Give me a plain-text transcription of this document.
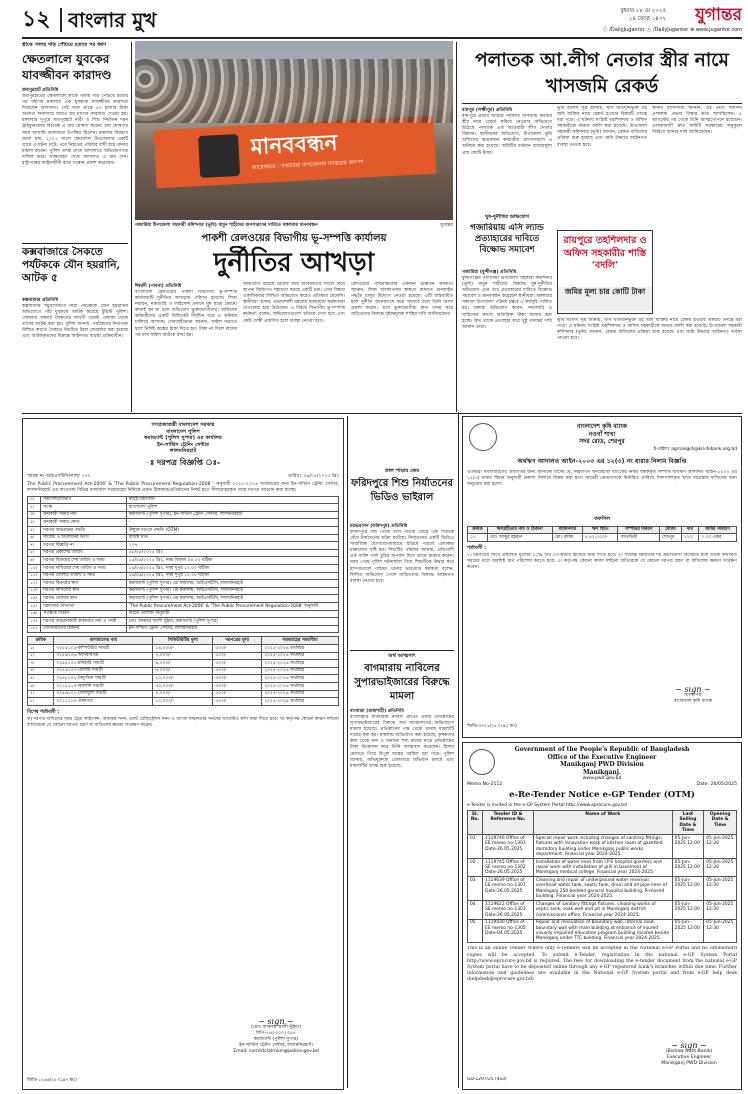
১২ বাংলার মুখ	বুধবার ২৮ মে ২০২৫
১৪ জ্যৈষ্ঠ ১৪৩২	যুগান্তর
ⓕ /DailyJugantor ⓧ /DailyJugantor ⊕ www.jugantor.com
স্ত্রীকে গলায় দড়ি পেঁচিয়ে হত্যার পর ধর্ষণ
ক্ষেতলালে যুবকের যাবজ্জীবন কারাদণ্ড
জয়পুরহাট প্রতিনিধি
জয়পুরহাটের ক্ষেতলালে স্ত্রীকে গলায় দড়ি পেঁচিয়ে হত্যার পর ধর্ষণের মামলায় এক যুবককে যাবজ্জীবন কারাদণ্ড দিয়েছেন আদালত। সেই সঙ্গে তাকে ৫০ হাজার টাকা অর্থদণ্ড অনাদায়ে আরও ছয় মাসের কারাদণ্ড দেওয়া হয়। মঙ্গলবার দুপুরে জয়পুরহাট নারী ও শিশু নির্যাতন দমন ট্রাইব্যুনালের বিচারক এ রায় ঘোষণা করেন। রায় ঘোষণার সময় আসামি আদালতে উপস্থিত ছিলেন। মামলার বিবরণে জানা যায়, ২০২২ সালে ক্ষেতলাল উপজেলার একটি গ্রামে এ ঘটনা ঘটে। পরে নিহতের পরিবার বাদী হয়ে থানায় মামলা করেন। পুলিশ তদন্ত শেষে আদালতে অভিযোগপত্র দাখিল করে। সাক্ষ্যগ্রহণ শেষে আদালত এ রায় দেন। রাষ্ট্রপক্ষের আইনজীবী রায়ে সন্তোষ প্রকাশ করেছেন।
কক্সবাজারে সৈকতে পর্যটককে যৌন হয়রানি, আটক ৫
কক্সবাজার প্রতিনিধি
কক্সবাজার সমুদ্রসৈকতে নারী পর্যটককে যৌন হয়রানির অভিযোগে পাঁচ যুবককে আটক করেছে টুরিস্ট পুলিশ। সোমবার সন্ধ্যায় সৈকতের লাবণী পয়েন্ট এলাকা থেকে তাদের আটক করা হয়। পুলিশ জানায়, পর্যটকদের নিরাপত্তা নিশ্চিত করতে সৈকতে নিয়মিত টহল জোরদার করা হয়েছে এবং আটককৃতদের বিরুদ্ধে আইনগত ব্যবস্থা প্রক্রিয়াধীন।
মানববন্ধন
আয়োজনে : গজারিয়া উপজেলার সর্বস্তরের জনগণ
গজারিয়া উপজেলা সহকারী কমিশনার (ভূমি) মামুন শাহীদের অপসারণের দাবিতে মঙ্গলবার মানববন্ধন	যুগান্তর
পাকশী রেলওয়ের বিভাগীয় ভূ-সম্পত্তি কার্যালয়
দুর্নীতির আখড়া
ঈশ্বরদী (পাবনা) প্রতিনিধি
বাংলাদেশ রেলওয়ের পাকশী বিভাগীয় ভূ-সম্পত্তি কার্যালয়টি দুর্নীতির আখড়ায় পরিণত হয়েছে। লিজ নবায়ন, নামজারি ও লাইসেন্স প্রদানে ঘুষ ছাড়া কোনো কাজই হয় না বলে অভিযোগ ভুক্তভোগীদের। অফিসের কর্মচারীদের একটি সিন্ডিকেট দীর্ঘদিন ধরে এ অনিয়ম চালিয়ে আসছে। সেবাগ্রহীতারা জানান, ফাইল নড়াতে হলে নির্দিষ্ট অঙ্কের টাকা দিতে হয়। টাকা না দিলে মাসের পর মাস ফাইল আটকে রাখা হয়।
অভিযোগ রয়েছে রেলের জমি অবৈধভাবে দখলে নিয়ে স্থাপনা নির্মাণেও সহায়তা করছে একটি চক্র। এসব বিষয়ে একাধিকবার লিখিত অভিযোগ করেও প্রতিকার মেলেনি। স্থানীয়রা বলেন, প্রভাবশালী মহলের ছত্রছায়ায় কর্মকর্তারা বেপরোয়া হয়ে উঠেছেন। এ বিষয়ে বিভাগীয় ভূ-সম্পত্তি কর্মকর্তা বলেন, অভিযোগগুলো খতিয়ে দেখা হবে এবং কেউ দোষী প্রমাণিত হলে ব্যবস্থা নেওয়া হবে।
রেলওয়ের পশ্চিমাঞ্চলের একজন ঊর্ধ্বতন কর্মকর্তা জানান, লিজ ব্যবস্থাপনায় স্বচ্ছতা আনতে অনলাইন পদ্ধতি চালুর উদ্যোগ নেওয়া হয়েছে। এটি বাস্তবায়িত হলে দুর্নীতি অনেকাংশে কমে আসবে বলে তিনি আশা প্রকাশ করেন। তবে ভুক্তভোগীরা দ্রুত তদন্ত করে জড়িতদের বিরুদ্ধে দৃষ্টান্তমূলক শাস্তির দাবি জানিয়েছেন।
পলাতক আ.লীগ নেতার স্ত্রীর নামে খাসজমি রেকর্ড
রায়পুর (লক্ষ্মীপুর) প্রতিনিধি
রায়পুরে প্রভাব খাটিয়ে সরকারি খাসজমি নিজের স্ত্রীর নামে রেকর্ড করিয়ে নেওয়ার অভিযোগ উঠেছে পলাতক এক আওয়ামী লীগ নেতার বিরুদ্ধে। স্থানীয়দের অভিযোগ, উপজেলা ভূমি অফিসের কয়েকজন কর্মচারীর যোগসাজশে এ অনিয়ম করা হয়েছে। জমিটির বর্তমান বাজারমূল্য প্রায় কোটি টাকা।
ভূমি অফিস সূত্র জানায়, খাস খতিয়ানভুক্ত ওই জমি ব্যক্তির নামে রেকর্ড হওয়ার বিষয়টি তদন্তে ধরা পড়ে। এ ঘটনায় সংশ্লিষ্ট তহশিলদার ও অফিস সহকারীকে অন্যত্র বদলি করা হয়েছে। উপজেলা সহকারী কমিশনার (ভূমি) জানান, রেকর্ড বাতিলের প্রক্রিয়া শুরু হয়েছে এবং জমি উদ্ধারে আইনগত ব্যবস্থা নেওয়া হবে।
স্থানীয় বাসিন্দারা জানান, ওই নেতা দীর্ঘদিন এলাকায় প্রভাব বিস্তার করে আসছিলেন। ৫ আগস্টের পর থেকে তিনি আত্মগোপনে রয়েছেন। এলাকাবাসী দ্রুত জমিটি সরকারের অনুকূলে ফিরিয়ে আনার দাবি জানিয়েছেন।
রায়পুরে তহশিলদার ও অফিস সহকারীর শাস্তি ‘বদলি’
জমির মূল্য চার কোটি টাকা
ঘুষ-দুর্নীতির অভিযোগ
গজারিয়ায় এসি ল্যান্ড প্রত্যাহারের দাবিতে বিক্ষোভ সমাবেশ
গজারিয়া (মুন্সীগঞ্জ) প্রতিনিধি
মুন্সীগঞ্জের গজারিয়া উপজেলা সহকারী কমিশনার (ভূমি) মামুন শাহীদের বিরুদ্ধে ঘুষ-দুর্নীতির অভিযোগ এনে তার প্রত্যাহারের দাবিতে বিক্ষোভ সমাবেশ ও মানববন্ধন করেছেন স্থানীয়রা। মঙ্গলবার সকালে উপজেলা পরিষদ চত্বরে এ কর্মসূচি পালিত হয়। বক্তারা অভিযোগ করেন, নামজারি ও খারিজের কাজে অতিরিক্ত টাকা আদায় করা হচ্ছে। দ্রুত তাকে প্রত্যাহার করে সুষ্ঠু তদন্তের দাবি জানান তারা।
ভূমি অফিস সূত্র জানায়, খাস খতিয়ানভুক্ত ওই জমি ব্যক্তির নামে রেকর্ড হওয়ার বিষয়টি তদন্তে ধরা পড়ে। এ ঘটনায় সংশ্লিষ্ট তহশিলদার ও অফিস সহকারীকে অন্যত্র বদলি করা হয়েছে। উপজেলা সহকারী কমিশনার (ভূমি) জানান, রেকর্ড বাতিলের প্রক্রিয়া শুরু হয়েছে এবং জমি উদ্ধারে আইনগত ব্যবস্থা নেওয়া হবে।
তাল পাড়ার জের
ফরিদপুরে শিশু নির্যাতনের ভিডিও ভাইরাল
চরভদ্রাসন (ফরিদপুর) প্রতিনিধি
ফরিদপুরে গাছ থেকে তাল পাড়ার জেরে এক শিশুকে বেঁধে নির্যাতনের ঘটনা ঘটেছে। নির্যাতনের একটি ভিডিও সামাজিক যোগাযোগমাধ্যমে ছড়িয়ে পড়লে এলাকায় চাঞ্চল্যের সৃষ্টি হয়। শিশুটির পরিবার জানায়, প্রতিবেশী এক ব্যক্তি তাল চুরির অপবাদ দিয়ে তাকে মারধর করেন। খবর পেয়ে পুলিশ ঘটনাস্থলে গিয়ে শিশুটিকে উদ্ধার করে হাসপাতালে পাঠায়। থানার ভারপ্রাপ্ত কর্মকর্তা বলেন, লিখিত অভিযোগ পেলে জড়িতদের বিরুদ্ধে আইনগত ব্যবস্থা নেওয়া হবে।
অর্থ আত্মসাৎ
বাগমারায় নাবিলের সুপারভাইজারের বিরুদ্ধে মামলা
বাগমারা (রাজশাহী) প্রতিনিধি
রাজশাহীর বাগমারায় নাবিল গ্রুপের একটি প্রতিষ্ঠানের সুপারভাইজারের বিরুদ্ধে অর্থ আত্মসাতের অভিযোগে মামলা হয়েছে। প্রতিষ্ঠানের পক্ষ থেকে থানায় মামলাটি দায়ের করা হয়। মামলায় অভিযোগ করা হয়েছে, কৃষকদের কাছ থেকে ধান ও অন্যান্য শস্য ক্রয়ের নামে প্রতিষ্ঠানের টাকা উত্তোলন করে তিনি আত্মসাৎ করেছেন। হিসাব মেলাতে গিয়ে বিপুল অঙ্কের গরমিল ধরা পড়ে। পুলিশ জানায়, অভিযুক্তকে গ্রেফতারে অভিযান চলছে এবং মামলাটির তদন্ত শুরু হয়েছে।
গণপ্রজাতন্ত্রী বাংলাদেশ সরকার
বাংলাদেশ পুলিশ
কমান্ড্যান্ট (পুলিশ সুপার) এর কার্যালয়
ইন-সার্ভিস ট্রেনিং সেন্টার
লালমনিরহাট
-ঃ দরপত্র বিজ্ঞপ্তি ঃ-
স্মারক নং-আইএসটিসি/লাল/ ২৩৭	তারিখঃ ২৬/০৫/২০২৫ খ্রিঃ
The Public Procurement Act-2006' & 'The Public Procurement Regulation-2008 ' অনুযায়ী ২০২৫-২০২৬ অর্থবছরের জন্য ইন-সার্ভিস ট্রেনিং সেন্টার, লালমনিরহাট এর আওতায় বিভিন্ন মালামাল সরবরাহের নিমিত্তে প্রকৃত ঠিকাদার/প্রতিষ্ঠানের নিকট হতে সীলমোহরকৃত খামে দরপত্র আহ্বান করা যাচ্ছে।
১।	মন্ত্রণালয়/বিভাগ	স্বরাষ্ট্র মন্ত্রণালয়
২।	সংস্থা	বাংলাদেশ পুলিশ
৩।	ক্রয়কারী সত্তার নাম	কমান্ড্যান্ট (পুলিশ সুপার), ইন-সার্ভিস ট্রেনিং সেন্টার, লালমনিরহাট
৪।	ক্রয়কারী সত্তার কোড	-
৫।	দরপত্র আহ্বানের পদ্ধতি	উন্মুক্ত দরপত্র পদ্ধতি (OTM)
৬।	বাজেট ও অর্থায়নের উৎস	রাজস্ব খাত
৭।	দরপত্র বিজ্ঞপ্তি নং	২৩৭
৮।	দরপত্র প্রকাশের তারিখ	২৮/০৫/২০২৫ খ্রিঃ
৯।	দরপত্র বিক্রয়ের শেষ তারিখ ও সময়	১৫/০৬/২০২৫ খ্রিঃ, সময় বিকাল ০৪.০০ ঘটিকা
১০।	দরপত্র দাখিলের শেষ তারিখ ও সময়	১৬/০৬/২০২৫ খ্রিঃ, সময় দুপুর ১২.০০ ঘটিকা
১১।	দরপত্র খোলার তারিখ ও সময়	১৬/০৬/২০২৫ খ্রিঃ, সময় দুপুর ১২.৩০ ঘটিকা
১২।	দরপত্র বিক্রয়ের স্থান	কমান্ড্যান্ট (পুলিশ সুপার) এর কার্যালয়, আইএসটিসি, লালমনিরহাট
১৩।	দরপত্র দাখিলের স্থান	কমান্ড্যান্ট (পুলিশ সুপার) এর কার্যালয়, আইএসটিসি, লালমনিরহাট
১৪।	দরপত্র খোলার স্থান	কমান্ড্যান্ট (পুলিশ সুপার) এর কার্যালয়, আইএসটিসি, লালমনিরহাট
১৫।	দরদাতার যোগ্যতা	'The Public Procurement Act-2006' & 'The Public Procurement Regulation-2008' অনুযায়ী
১৬।	সংক্ষিপ্ত বিবরণ	নিচের তালিকা অনুযায়ী
১৭।	দরপত্র আহ্বানকারী কর্মকর্তার নাম ও পদবী	মোঃ আকবর আলী ভূঁইয়া, কমান্ড্যান্ট (পুলিশ সুপার)
১৮।	যোগাযোগের ঠিকানা	ইন-সার্ভিস ট্রেনিং সেন্টার, লালমনিরহাট
ক্রমিক	মালামালের নাম	সিকিউরিটির মূল্য	দরপত্রের মূল্য	সরবরাহের সময়সীমা
১।	৩২৫৫১০৫-কম্পিউটার সামগ্রী	১৪,০০০/-	৫০০/-	২০২৫-২০২৬ অর্থবছর
২।	৩২৫৬১০৬-আসবাবপত্র	৭,০০০/-	৫০০/-	২০২৫-২০২৬ অর্থবছর
৩।	৩২৫৫১০১-মনিহারি সামগ্রী	৬,০০০/-	৫০০/-	২০২৫-২০২৬ অর্থবছর
৪।	৩২৫৬১০৩-ধোলাই সামগ্রী	৬,০০০/-	৫০০/-	২০২৫-২০২৬ অর্থবছর
৫।	৩২৫৮১০২-বৈদ্যুতিক সামগ্রী	২০,০০০/-	৫০০/-	২০২৫-২০২৬ অর্থবছর
৬।	৩২১১১১৭-জ্বালানি সামগ্রী	৩০,০০০/-	৫০০/-	২০২৫-২০২৬ অর্থবছর
৭।	৩২৫৬১০১-খেলাধুলা সামগ্রী	৫,০০০/-	৫০০/-	২০২৫-২০২৬ অর্থবছর
৮।	৩২১১১১০-ঔষধপত্র	১০,০০০/-	৫০০/-	২০২৫-২০২৬ অর্থবছর
বিশেষ শর্তাবলী :
ক) দরপত্র দাখিলের সময় ট্রেড লাইসেন্স, আয়কর সনদ, ভ্যাট রেজিস্ট্রেশন সনদ ও ব্যাংক সচ্ছলতার সনদের সত্যায়িত কপি জমা দিতে হবে। খ) কর্তৃপক্ষ কোনো কারণ দর্শানো ব্যতিরেকে যে কোনো দরপত্র গ্রহণ বা বাতিলের ক্ষমতা সংরক্ষণ করেন।
~ sign ~
(মোঃ আকবর আলী ভূঁইয়া)
বিপি-৭৬০৩০০২৩৫৪
কমান্ড্যান্ট (পুলিশ সুপার)
ইন-সার্ভিস ট্রেনিং সেন্টার, লালমনিরহাট।
Email: comistclalmoni@police.gov.bd
জিডি-১২৬৬/২৫ (১x৭ কঃ)
বাংলাদেশ কৃষি ব্যাংক
নওগাঁ শাখা
সদর রোড, শেরপুর
ই-মেইলঃ agrnaogsh@krishibank.org.bd
অর্থঋণ আদালত আইন-২০০৩ এর ১২(৩) নং ধারার নিলাম বিজ্ঞপ্তি
এতদ্বারা সর্বসাধারণের অবগতির জন্য জানানো যাচ্ছে যে, নিম্নবর্ণিত ঋণগ্রহীতা ব্যাংকের নিকট বন্ধককৃত সম্পত্তি অর্থঋণ আদালত আইন-২০০৩ এর ১২(৩) ধারার বিধান অনুযায়ী প্রকাশ্য নিলামে বিক্রয় করা হবে। আগ্রহী ক্রেতাগণকে নির্ধারিত তারিখে সিলগালাকৃত খামে দরপ্রস্তাব দাখিলের জন্য অনুরোধ করা হলো।
তফসিল
ক্রমিক	ঋণগ্রহীতার নাম ও ঠিকানা	জামিনদার	ঋণ স্থিতি	সম্পত্তির বিবরণ	মৌজা	দাগ	জমির পরিমাণ
০১	মোঃ আব্দুর রহমান	মোঃ করিম	৫,৪২,০০০/-	বসতভিটা	শেরপুর	১২৩	০.৩৩ একর
শর্তাবলী :
১। দরপত্রের সাথে প্রস্তাবিত মূল্যের ১০% অর্থ পে-অর্ডার হিসেবে জমা দিতে হবে। ২। সর্বোচ্চ দরদাতার দর গ্রহণযোগ্য বিবেচিত হলে তাকে নির্ধারিত সময়ের মধ্যে অবশিষ্ট অর্থ পরিশোধ করতে হবে। ৩। কর্তৃপক্ষ কোনো কারণ দর্শানো ব্যতিরেকে যে কোনো দরপত্র গ্রহণ বা বাতিলের ক্ষমতা সংরক্ষণ করেন।
~ sign ~
ব্যবস্থাপক
বাংলাদেশ কৃষি ব্যাংক
জিডি-৩৩২১/২৫ (২x৫ কঃ)
Government of the People's Republic of Bangladesh
Office of the Executive Engineer
Manikganj PWD Division
Manikganj.
www.pwd.gov.bd
Memo No-2112	Date: 26/05/2025
e-Re-Tender Notice e-GP Tender (OTM)
e-Tender is invited in the e-GP System Portal http://www.eprocure.gov.bd
Sl. No.	Tender ID & Reference No.	Name of Work	Last Selling Date & Time	Opening Date & Time
01	1119746 Office of EE memo no-1303 Date-26.05.2025	Special repair work including changes of sanitary fittings, fixtures with renovation work of kitchen room of gazetted dormitory building under Manikganj public works department. Financial year 2024-2025.	05-Jun-2025 12:00	05-Jun-2025 12:30
02	1119745 Office of SE memo no-1302 Date-26.05.2025	Installation of water lines from I.P.S hospital quarters and repair work with installation of grill in basement of Manikganj medical college. Financial year 2024-2025.	05-Jun-2025 12:00	05-Jun-2025 12:30
03	1119639 Office of EE memo no-1307 Date-26.05.2025	Cleaning and repair of underground water reservoir, overhead water tank, septic tank, drain and all pipe lines of Manikganj 250 bedded general hospital building, R-moved building. Financial year 2024-2025.	05-Jun-2025 12:00	05-Jun-2025 12:30
04	1119622 Office of SE memo no-1303 Date-26.05.2025	Changes of sanitary fittings fixtures, cleaning works of septic tank, soak well and pit in Manikganj district commissioner office. Financial year 2024-2025.	05-Jun-2025 12:00	05-Jun-2025 12:30
05	1119430 Office of EE memo no-1305 Date-04.05.2025	Repair and renovation of boundary wall, internal road, boundary wall with main building at entrance of injured visually impaired education program building located beside Manikganj under TTC building. Financial year 2024-2025.	05-Jun-2025 12:00	05-Jun-2025 12:30
This is an online Tender Where only e-Tenders will be accepted in the National e-GP Portal and no offline/hard copies will be accepted. To submit e-Tender, registration in the national e-GP System Portal http://www.eprocure.gov.bd is required. The fees for downloading the e-tender document from the national e-GP System portal have to be deposited online through any e-GP registered bank's branches within due time. Further information and guidelines are available in the National e-GP System portal and from e-GP help desk (helpdesk@eprocure.gov.bd).
GD-1297/25 (4x3)
~ sign ~
(Bishaw Nath Banik)
Executive Engineer
Manikganj PWD Division
